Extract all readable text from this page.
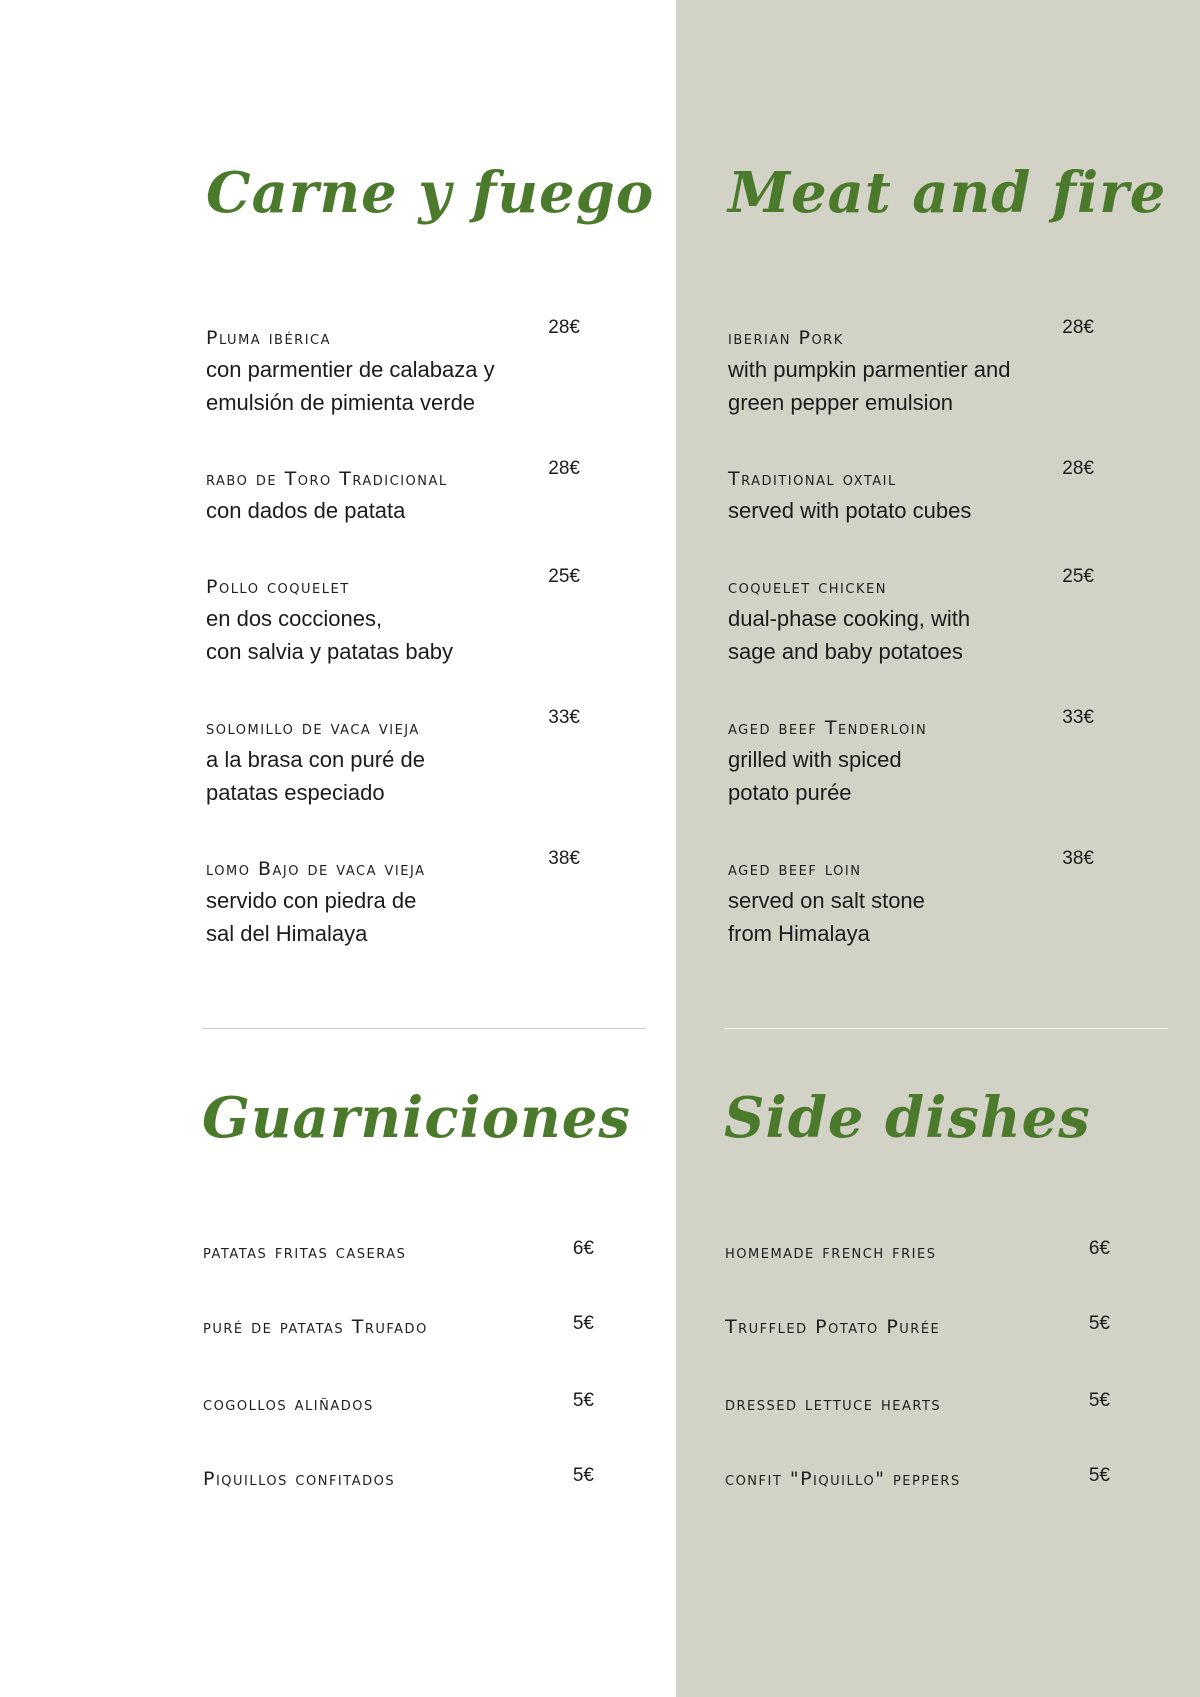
Carne y fuego
Pluma ibérica
con parmentier de calabaza y
emulsión de pimienta verde
28€
rabo de Toro Tradicional
con dados de patata
28€
Pollo coquelet
en dos cocciones,
con salvia y patatas baby
25€
solomillo de vaca vieja
a la brasa con puré de
patatas especiado
33€
lomo Bajo de vaca vieja
servido con piedra de
sal del Himalaya
38€
Guarniciones
patatas fritas caseras	6€
puré de patatas Trufado	5€
cogollos aliñados	5€
Piquillos confitados	5€
Meat and fire
iberian Pork
with pumpkin parmentier and
green pepper emulsion
28€
Traditional oxtail
served with potato cubes
28€
coquelet chicken
dual-phase cooking, with
sage and baby potatoes
25€
aged beef Tenderloin
grilled with spiced
potato purée
33€
aged beef loin
served on salt stone
from Himalaya
38€
Side dishes
homemade french fries	6€
Truffled Potato Purée	5€
dressed lettuce hearts	5€
confit "Piquillo" peppers	5€
